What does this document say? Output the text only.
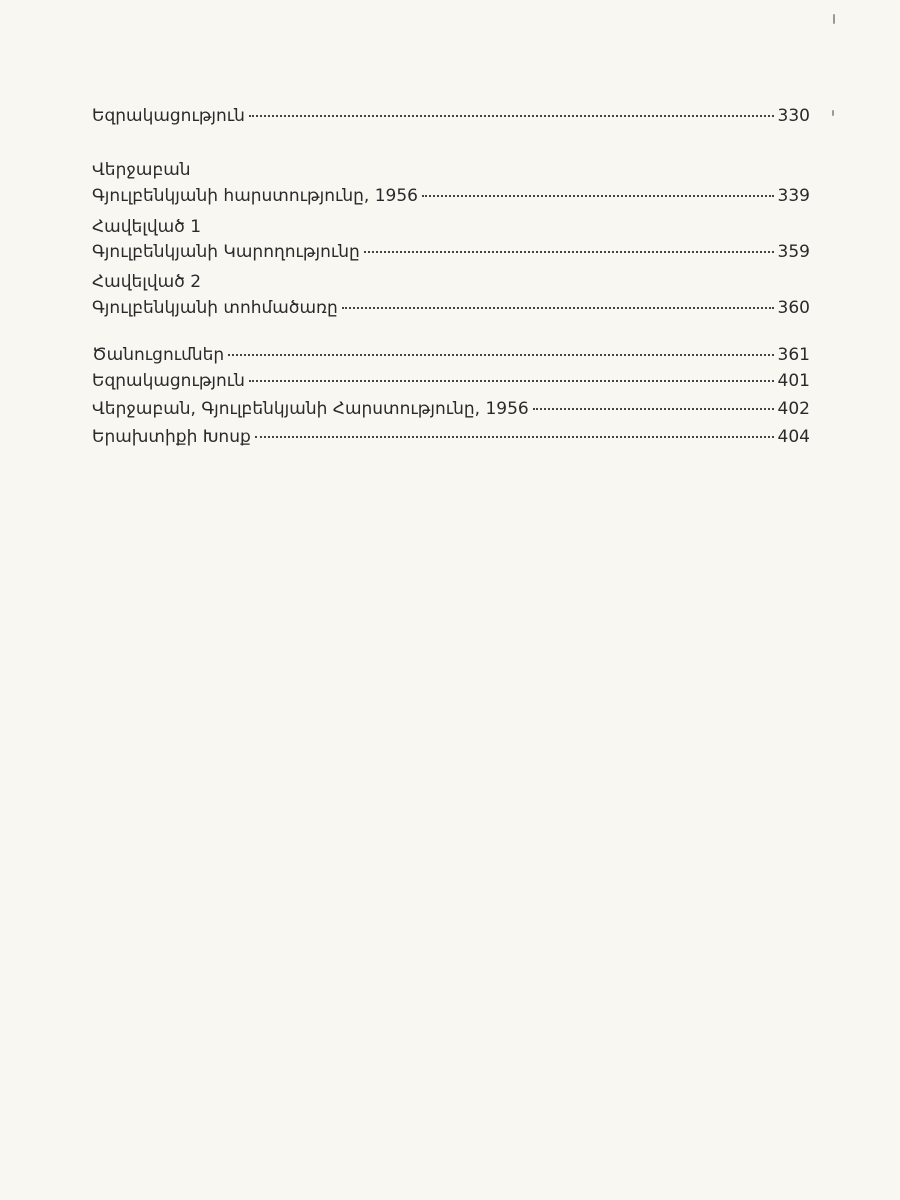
Եզրակացություն	330
Վերջաբան
Գյուլբենկյանի հարստությունը, 1956	339
Հավելված 1
Գյուլբենկյանի Կարողությունը	359
Հավելված 2
Գյուլբենկյանի տոհմածառը	360
Ծանուցումներ	361
Եզրակացություն	401
Վերջաբան, Գյուլբենկյանի Հարստությունը, 1956	402
Երախտիքի Խոսք	404
